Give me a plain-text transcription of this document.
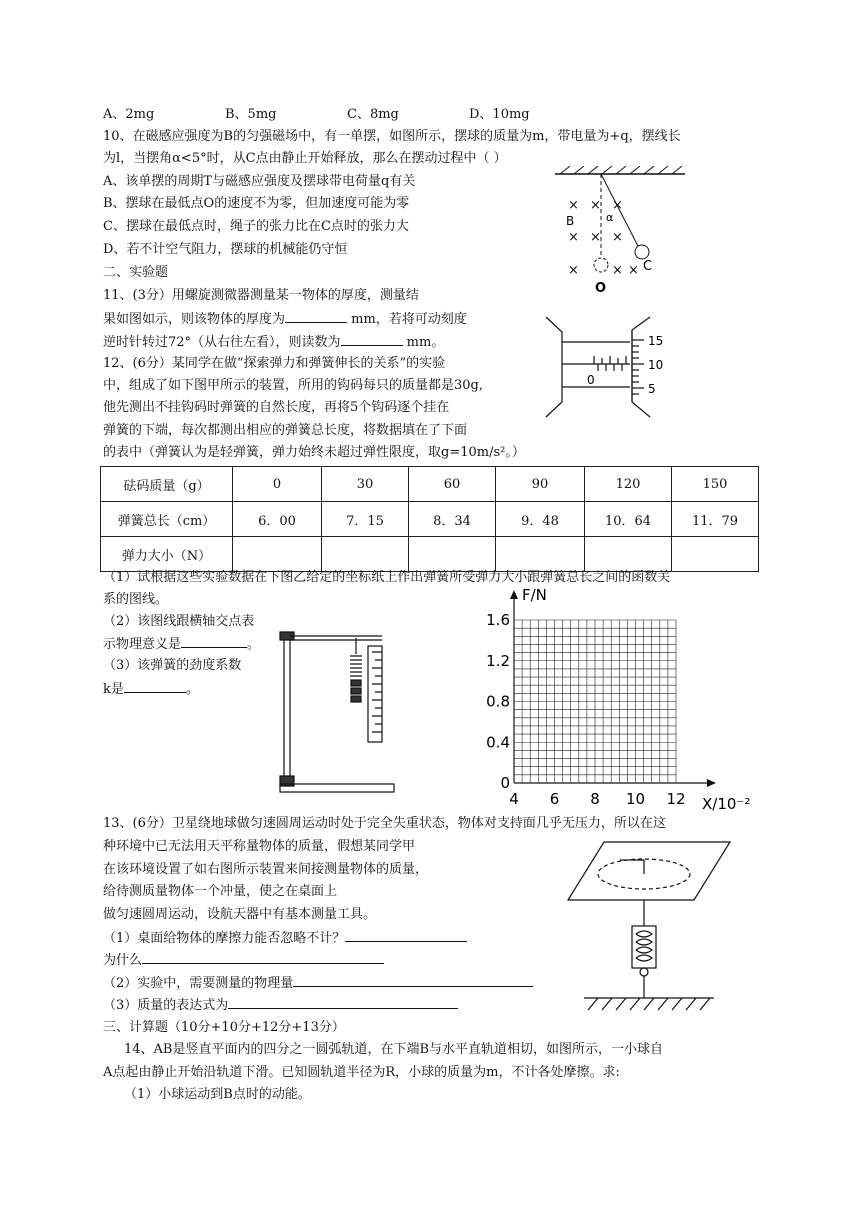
A、2mg	B、5mg	C、8mg	D、10mg
10、在磁感应强度为B的匀强磁场中，有一单摆，如图所示，摆球的质量为m，带电量为+q，摆线长
为l，当摆角α<5°时，从C点由静止开始释放，那么在摆动过程中（ ）
A、该单摆的周期T与磁感应强度及摆球带电荷量q有关
B、摆球在最低点O的速度不为零，但加速度可能为零
C、摆球在最低点时，绳子的张力比在C点时的张力大
D、若不计空气阻力，摆球的机械能仍守恒
× × ×
× × ×
×	× ×
B	α
C
O
二、实验题
11、(3分）用螺旋测微器测量某一物体的厚度，测量结
果如图如示，则该物体的厚度为	mm，若将可动刻度
逆时针转过72°（从右往左看），则读数为	mm。	15
10
5
0
12、(6分）某同学在做“探索弹力和弹簧伸长的关系”的实验
中，组成了如下图甲所示的装置，所用的钩码每只的质量都是30g,
他先测出不挂钩码时弹簧的自然长度，再将5个钩码逐个挂在
弹簧的下端，每次都测出相应的弹簧总长度，将数据填在了下面
的表中（弹簧认为是轻弹簧，弹力始终未超过弹性限度，取g=10m/s²。）
砝码质量（g）	0	30	60	90	120	150
弹簧总长（cm）	6．00	7．15	8．34	9．48	10．64	11．79
弹力大小（N）						
（1）试根据这些实验数据在下图乙给定的坐标纸上作出弹簧所受弹力大小跟弹簧总长之间的函数关
系的图线。
（2）该图线跟横轴交点表
示物理意义是	。
（3）该弹簧的劲度系数
k是	。
4 6 8 10 12
0
0.4
0.8
1.2
1.6
F/N
X/10⁻²
13、(6分）卫星绕地球做匀速圆周运动时处于完全失重状态，物体对支持面几乎无压力，所以在这
种环境中已无法用天平称量物体的质量，假想某同学甲
在该环境设置了如右图所示装置来间接测量物体的质量，
给待测质量物体一个冲量，使之在桌面上
做匀速圆周运动，设航天器中有基本测量工具。
（1）桌面给物体的摩擦力能否忽略不计？
为什么
（2）实验中，需要测量的物理量
（3）质量的表达式为
三、计算题（10分+10分+12分+13分）
14、AB是竖直平面内的四分之一圆弧轨道，在下端B与水平直轨道相切，如图所示，一小球自
A点起由静止开始沿轨道下滑。已知圆轨道半径为R，小球的质量为m，不计各处摩擦。求:
（1）小球运动到B点时的动能。
